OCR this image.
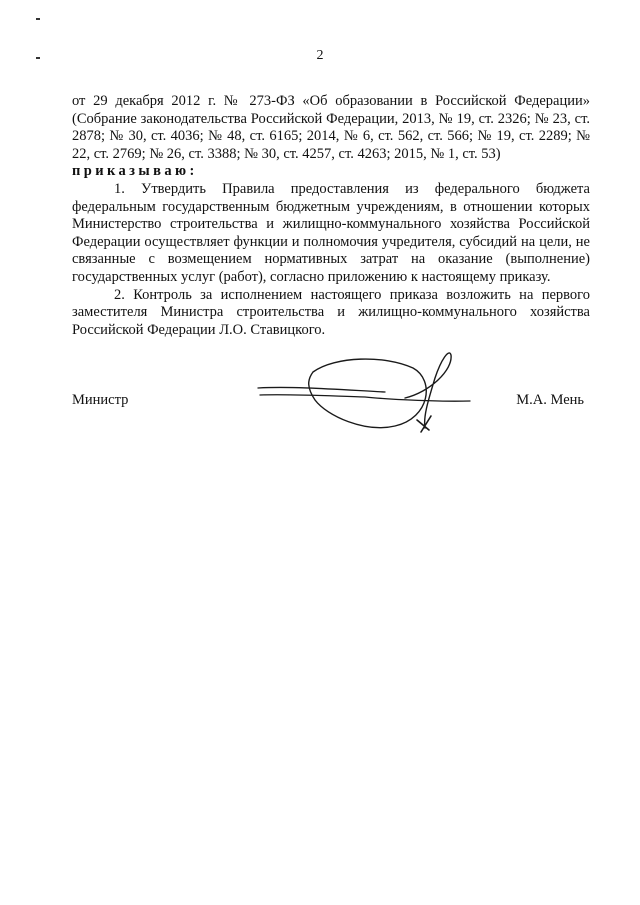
2

от 29 декабря 2012 г. № 273-ФЗ «Об образовании в Российской Федерации» (Собрание законодательства Российской Федерации, 2013, № 19, ст. 2326; № 23, ст. 2878; № 30, ст. 4036; № 48, ст. 6165; 2014, № 6, ст. 562, ст. 566; № 19, ст. 2289; № 22, ст. 2769; № 26, ст. 3388; № 30, ст. 4257, ст. 4263; 2015, № 1, ст. 53)

приказываю:

1. Утвердить Правила предоставления из федерального бюджета федеральным государственным бюджетным учреждениям, в отношении которых Министерство строительства и жилищно-коммунального хозяйства Российской Федерации осуществляет функции и полномочия учредителя, субсидий на цели, не связанные с возмещением нормативных затрат на оказание (выполнение) государственных услуг (работ), согласно приложению к настоящему приказу.

2. Контроль за исполнением настоящего приказа возложить на первого заместителя Министра строительства и жилищно-коммунального хозяйства Российской Федерации Л.О. Ставицкого.

Министр	М.А. Мень
